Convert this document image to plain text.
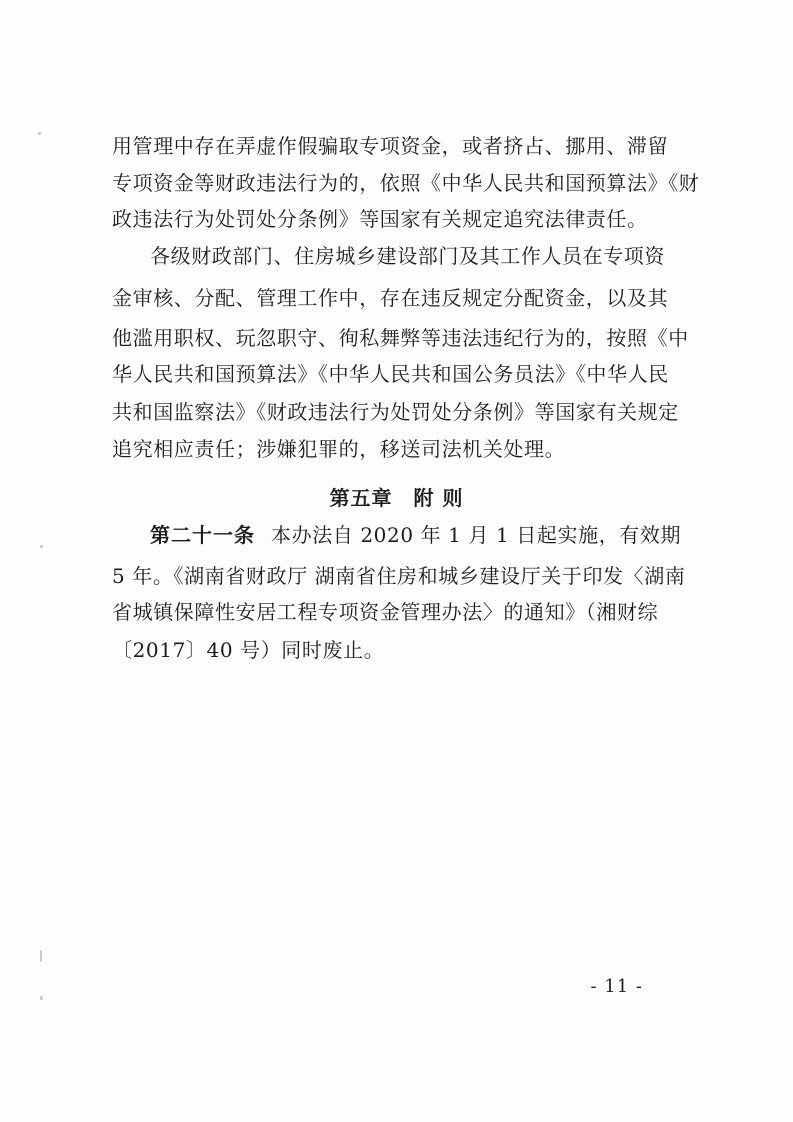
用管理中存在弄虚作假骗取专项资金，或者挤占、挪用、滞留
专项资金等财政违法行为的，依照《中华人民共和国预算法》《财
政违法行为处罚处分条例》等国家有关规定追究法律责任。
各级财政部门、住房城乡建设部门及其工作人员在专项资
金审核、分配、管理工作中，存在违反规定分配资金，以及其
他滥用职权、玩忽职守、徇私舞弊等违法违纪行为的，按照《中
华人民共和国预算法》《中华人民共和国公务员法》《中华人民
共和国监察法》《财政违法行为处罚处分条例》等国家有关规定
追究相应责任；涉嫌犯罪的，移送司法机关处理。
第五章　附 则
第二十一条 本办法自 2020 年 1 月 1 日起实施，有效期
5 年。《湖南省财政厅 湖南省住房和城乡建设厅关于印发〈湖南
省城镇保障性安居工程专项资金管理办法〉的通知》（湘财综
〔2017〕40 号）同时废止。
- 11 -
